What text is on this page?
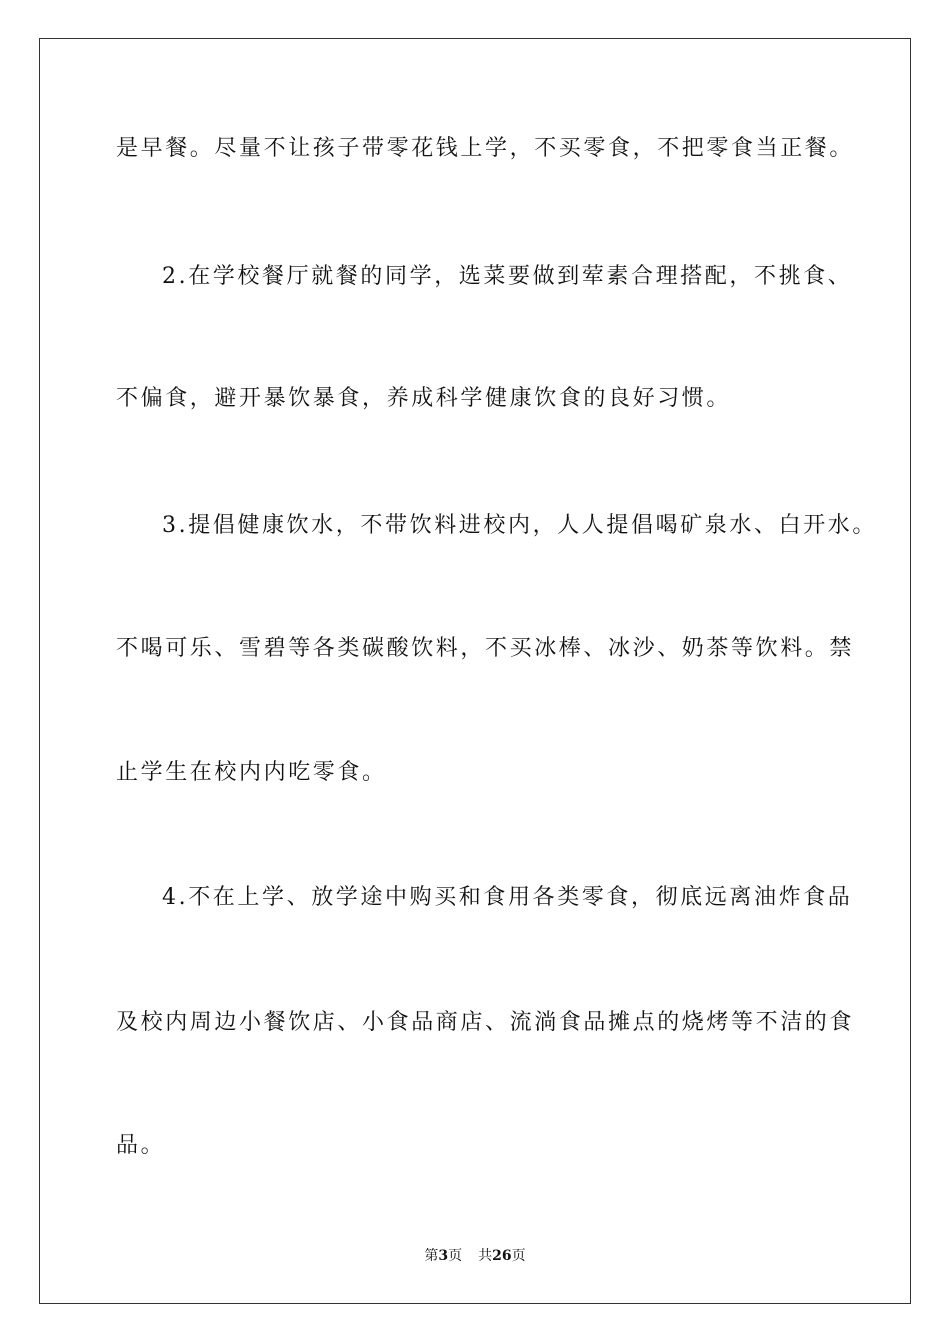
是早餐。尽量不让孩子带零花钱上学，不买零食，不把零食当正餐。
2.在学校餐厅就餐的同学，选菜要做到荤素合理搭配，不挑食、
不偏食，避开暴饮暴食，养成科学健康饮食的良好习惯。
3.提倡健康饮水，不带饮料进校内，人人提倡喝矿泉水、白开水。
不喝可乐、雪碧等各类碳酸饮料，不买冰棒、冰沙、奶茶等饮料。禁
止学生在校内内吃零食。
4.不在上学、放学途中购买和食用各类零食，彻底远离油炸食品
及校内周边小餐饮店、小食品商店、流淌食品摊点的烧烤等不洁的食
品。
第3页 共26页
